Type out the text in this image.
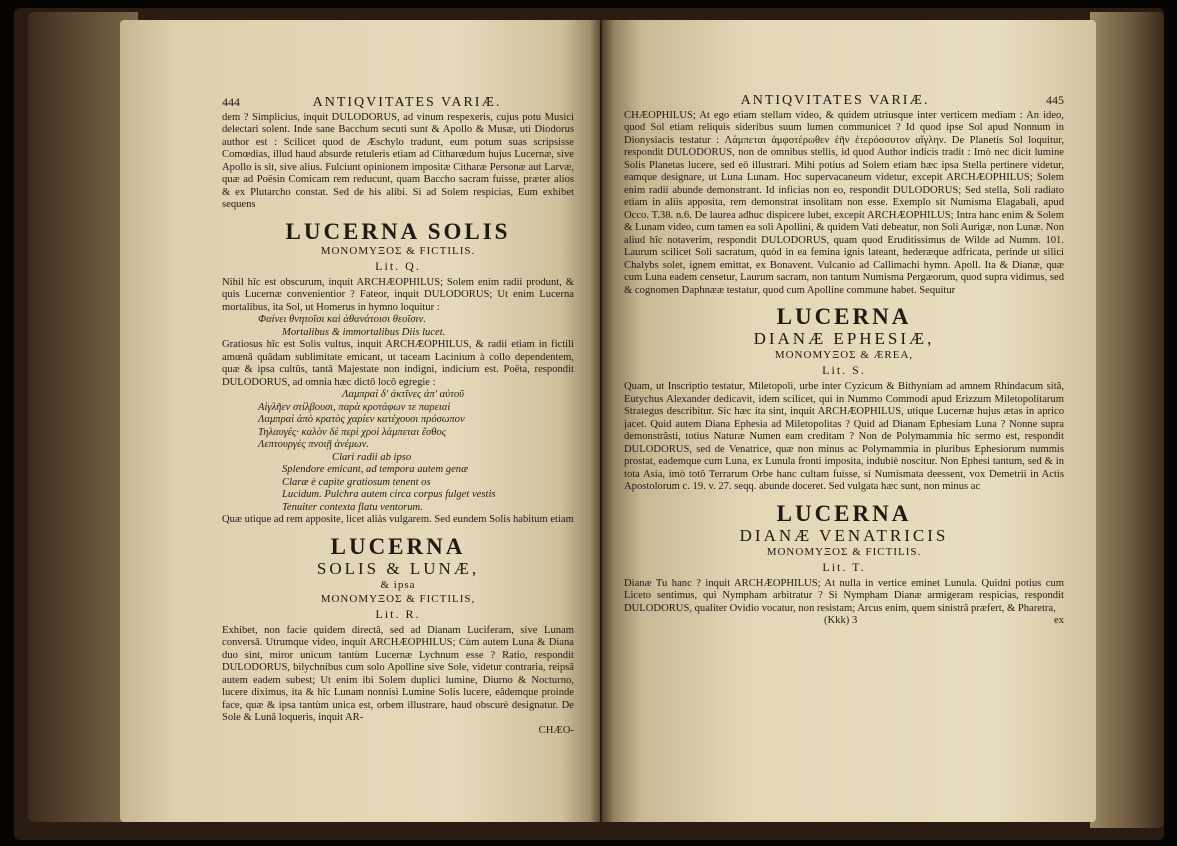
444	ANTIQVITATES VARIÆ.

dem ? Simplicius, inquit DULODORUS, ad vinum respexeris, cujus potu Musici delectari solent. Inde sane Bacchum secuti sunt & Apollo & Musæ, uti Diodorus author est : Scilicet quod de Æschylo tradunt, eum potum suas scripsisse Comœdias, illud haud absurde retuleris etiam ad Citharœdum hujus Lucernæ, sive Apollo is sit, sive alius. Fulciunt opinionem impositæ Citharæ Personæ aut Larvæ, quæ ad Poësin Comicam rem reducunt, quam Baccho sacram fuisse, præter alios & ex Plutarcho constat. Sed de his alibi. Si ad Solem respicias, Eum exhibet sequens

LUCERNA SOLIS
MONOMYΞΟΣ & FICTILIS.
Lit. Q.

Nihil hîc est obscurum, inquit ARCHÆOPHILUS; Solem enim radii produnt, & quis Lucernæ convenientior ? Fateor, inquit DULODORUS; Ut enim Lucerna mortalibus, ita Sol, ut Homerus in hymno loquitur :

Φαίνει θνητοῖσι καὶ ἀθανάτοισι θεοῖσιν.

Mortalibus & immortalibus Diis lucet.

Gratiosus hîc est Solis vultus, inquit ARCHÆOPHILUS, & radii etiam in fictili amœnâ quâdam sublimitate emicant, ut taceam Lacinium à collo dependentem, quæ & ipsa cultûs, tantâ Majestate non indigni, indicium est. Poëta, respondit DULODORUS, ad omnia hæc dictô locô egregie :

Λαμπραὶ δ' ἀκτῖνες ἀπ' αὐτοῦ

Αἰγλῆεν στίλβουσι, παρὰ κροτάφων τε παρειαὶ

Λαμπραὶ ἀπὸ κρατὸς χαρίεν κατέχουσι πρόσωπον

Τηλαυγές· καλὸν δὲ περὶ χροὶ λάμπεται ἔσθος

Λεπτουργὲς πνοιῇ ἀνέμων.

Clari radii ab ipso

Splendore emicant, ad tempora autem genæ

Claræ è capite gratiosum tenent os

Lucidum. Pulchra autem circa corpus fulget vestis

Tenuiter contexta flatu ventorum.

Quæ utique ad rem apposite, licet aliàs vulgarem. Sed eundem Solis habitum etiam

LUCERNA
SOLIS & LUNÆ,
& ipsa
MONOMYΞΟΣ & FICTILIS,
Lit. R.

Exhibet, non facie quidem directâ, sed ad Dianam Luciferam, sive Lunam conversâ. Utrumque video, inquit ARCHÆOPHILUS; Cùm autem Luna & Diana duo sint, miror unicum tantùm Lucernæ Lychnum esse ? Ratio, respondit DULODORUS, bilychnibus cum solo Apolline sive Sole, videtur contraria, reipsâ autem eadem subest; Ut enim ibi Solem duplici lumine, Diurno & Nocturno, lucere diximus, ita & hîc Lunam nonnisi Lumine Solis lucere, eâdemque proinde face, quæ & ipsa tantùm unica est, orbem illustrare, haud obscurè designatur. De Sole & Lunâ loqueris, inquit AR-

CHÆO-

ANTIQVITATES VARIÆ.	445

CHÆOPHILUS; At ego etiam stellam video, & quidem utriusque inter verticem mediam : An ideo, quod Sol etiam reliquis sideribus suum lumen communicet ? Id quod ipse Sol apud Nonnum in Dionysiacis testatur : Λάμπεται ἀμφοτέρωθεν ἑῆν ἑτερόσσυτον αἴγλην. De Planetis Sol loquitur, respondit DULODORUS, non de omnibus stellis, id quod Author indicis tradit : Imò nec dicit lumine Solis Planetas lucere, sed eô illustrari. Mihi potius ad Solem etiam hæc ipsa Stella pertinere videtur, eamque designare, ut Luna Lunam. Hoc supervacaneum videtur, excepit ARCHÆOPHILUS; Solem enim radii abunde demonstrant. Id inficias non eo, respondit DULODORUS; Sed stella, Soli radiato etiam in aliis apposita, rem demonstrat insolitam non esse. Exemplo sit Numisma Elagabali, apud Occo. T.38. n.6. De laurea adhuc dispicere lubet, excepit ARCHÆOPHILUS; Intra hanc enim & Solem & Lunam video, cum tamen ea soli Apollini, & quidem Vati debeatur, non Soli Aurigæ, non Lunæ. Non aliud hîc notaverim, respondit DULODORUS, quam quod Eruditissimus de Wilde ad Numm. 101. Laurum scilicet Soli sacratum, quòd in ea femina ignis lateant, hederæque adfricata, perinde ut silici Chalybs solet, ignem emittat, ex Bonavent. Vulcanio ad Callimachi hymn. Apoll. Ita & Dianæ, quæ cum Luna eadem censetur, Laurum sacram, non tantum Numisma Pergæorum, quod supra vidimus, sed & cognomen Daphnææ testatur, quod cum Apolline commune habet. Sequitur

LUCERNA
DIANÆ EPHESIÆ,
MONOMYΞΟΣ & ÆREA,
Lit. S.

Quam, ut Inscriptio testatur, Miletopoli, urbe inter Cyzicum & Bithyniam ad amnem Rhindacum sitâ, Eutychus Alexander dedicavit, idem scilicet, qui in Nummo Commodi apud Erizzum Miletopolitarum Strategus describitur. Sic hæc ita sint, inquit ARCHÆOPHILUS, utique Lucernæ hujus ætas in aprico jacet. Quid autem Diana Ephesia ad Miletopolitas ? Quid ad Dianam Ephesiam Luna ? Nonne supra demonstrâsti, totius Naturæ Numen eam creditam ? Non de Polymammia hîc sermo est, respondit DULODORUS, sed de Venatrice, quæ non minus ac Polymammia in pluribus Ephesiorum nummis prostat, eademque cum Luna, ex Lunula fronti imposita, indubiè noscitur. Non Ephesi tantum, sed & in tota Asia, imò totô Terrarum Orbe hanc cultam fuisse, si Numismata deessent, vox Demetrii in Actis Apostolorum c. 19. v. 27. seqq. abunde doceret. Sed vulgata hæc sunt, non minus ac

LUCERNA
DIANÆ VENATRICIS
MONOMYΞΟΣ & FICTILIS.
Lit. T.

Dianæ Tu hanc ? inquit ARCHÆOPHILUS; At nulla in vertice eminet Lunula. Quidni potius cum Liceto sentimus, qui Nympham arbitratur ? Si Nympham Dianæ armigeram respicias, respondit DULODORUS, qualiter Ovidio vocatur, non resistam; Arcus enim, quem sinistrâ præfert, & Pharetra,

(Kkk) 3	ex
